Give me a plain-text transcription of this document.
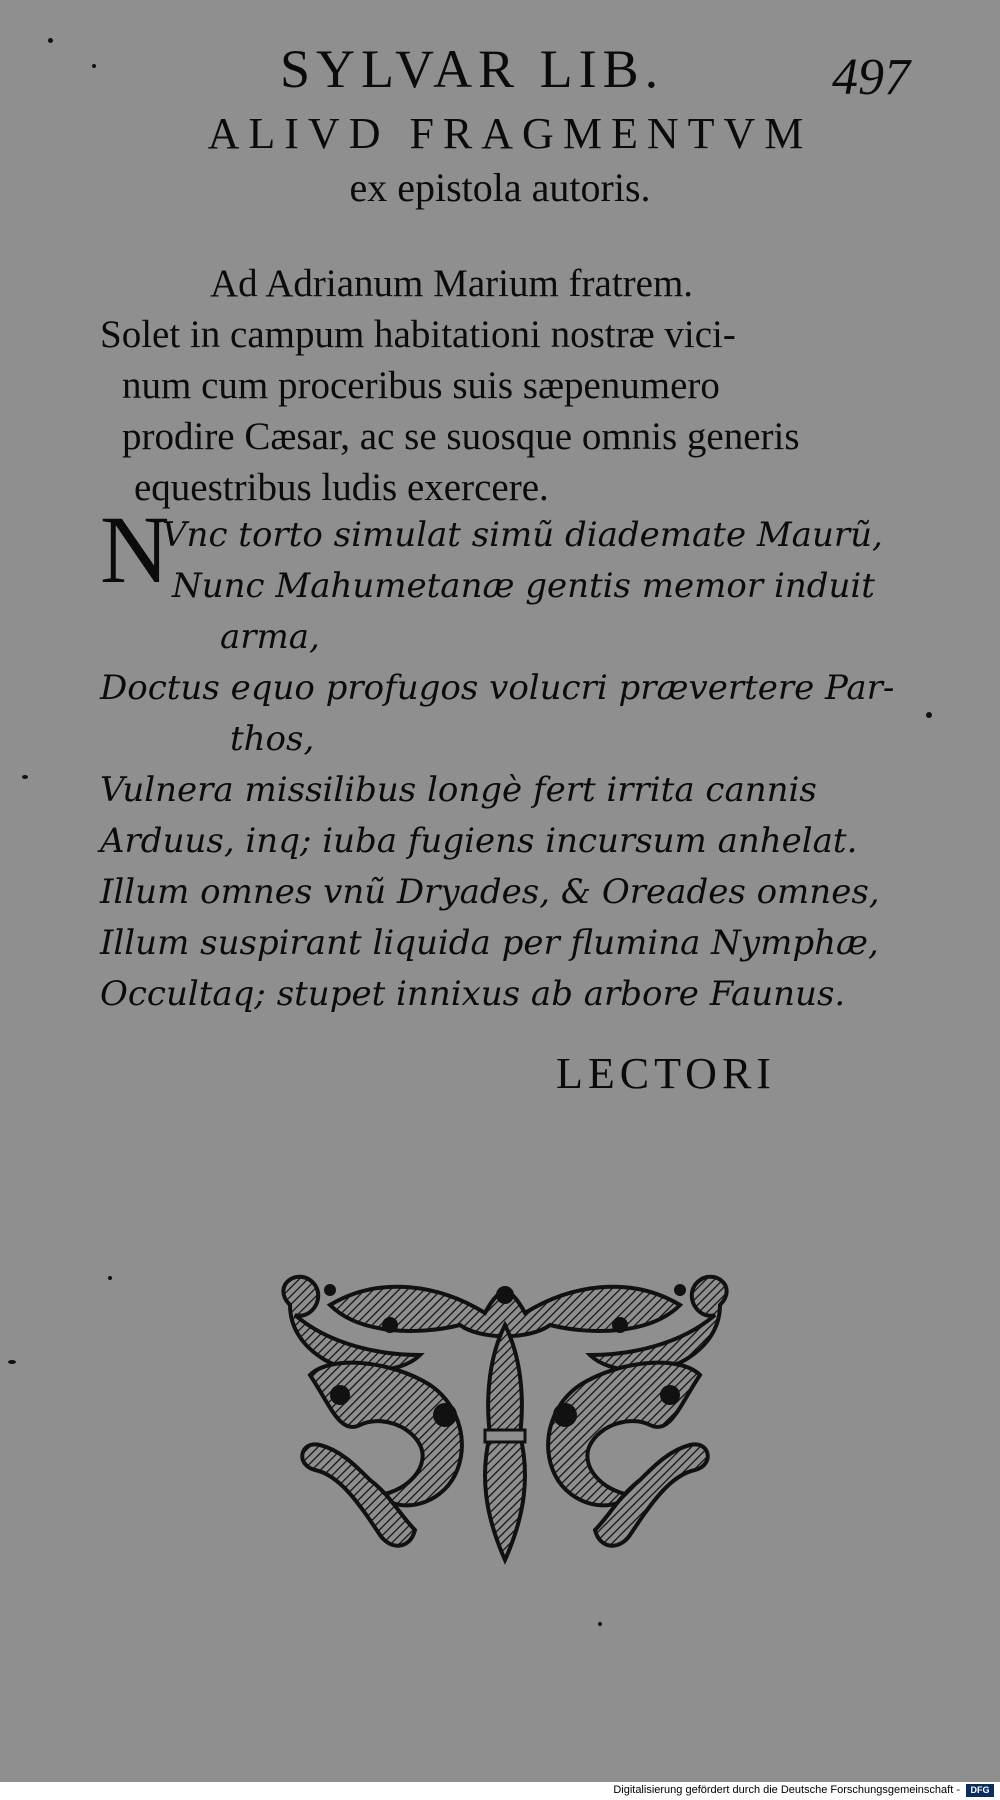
SYLVAR LIB.	497
ALIVD FRAGMENTVM
ex epistola autoris.
Ad Adrianum Marium fratrem.
Solet in campum habitationi nostræ vici-
num cum proceribus suis sæpenumero
prodire Cæsar, ac se suosque omnis generis
equestribus ludis exercere.
N
Vnc torto simulat simũ diademate Maurũ,
Nunc Mahumetanæ gentis memor induit
arma,
Doctus equo profugos volucri prævertere Par-
thos,
Vulnera missilibus longè fert irrita cannis
Arduus, inq; iuba fugiens incursum anhelat.
Illum omnes vnũ Dryades, & Oreades omnes,
Illum suspirant liquida per flumina Nymphæ,
Occultaq; stupet innixus ab arbore Faunus.
LECTORI
Digitalisierung gefördert durch die Deutsche Forschungsgemeinschaft -	DFG
